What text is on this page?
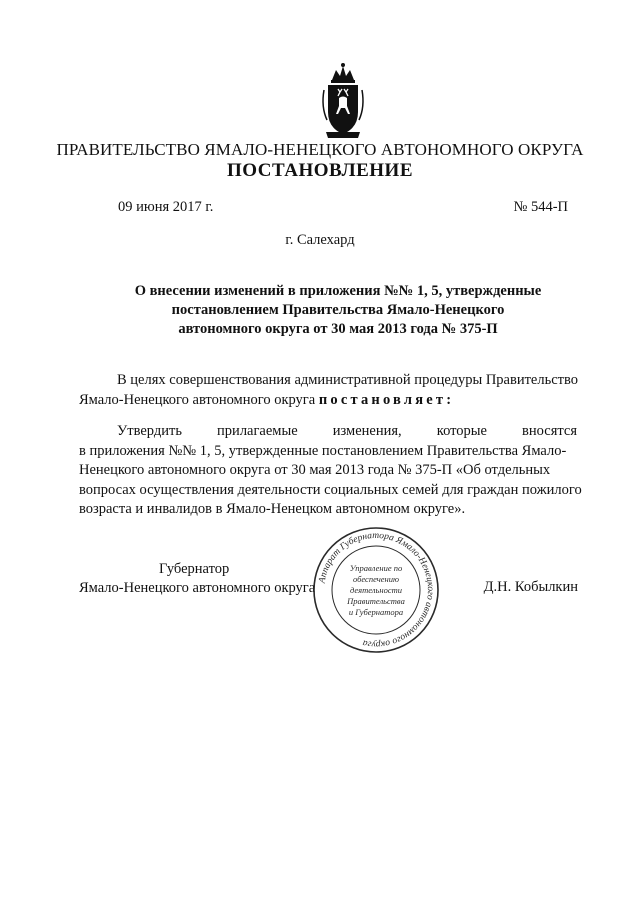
ПРАВИТЕЛЬСТВО ЯМАЛО-НЕНЕЦКОГО АВТОНОМНОГО ОКРУГА
ПОСТАНОВЛЕНИЕ
09 июня 2017 г.	№ 544-П
г. Салехард
О внесении изменений в приложения №№ 1, 5, утвержденные
постановлением Правительства Ямало-Ненецкого
автономного округа от 30 мая 2013 года № 375-П
В целях совершенствования административной процедуры Правительство
Ямало-Ненецкого автономного округа постановляет:
Утвердить прилагаемые изменения, которые вносятся
в приложения №№ 1, 5, утвержденные постановлением Правительства Ямало-
Ненецкого автономного округа от 30 мая 2013 года № 375-П «Об отдельных
вопросах осуществления деятельности социальных семей для граждан пожилого
возраста и инвалидов в Ямало-Ненецком автономном округе».
Губернатор
Ямало-Ненецкого автономного округа	Д.Н. Кобылкин
Аппарат Губернатора Ямало-Ненецкого автономного округа
Управление по
обеспечению
деятельности
Правительства
и Губернатора
